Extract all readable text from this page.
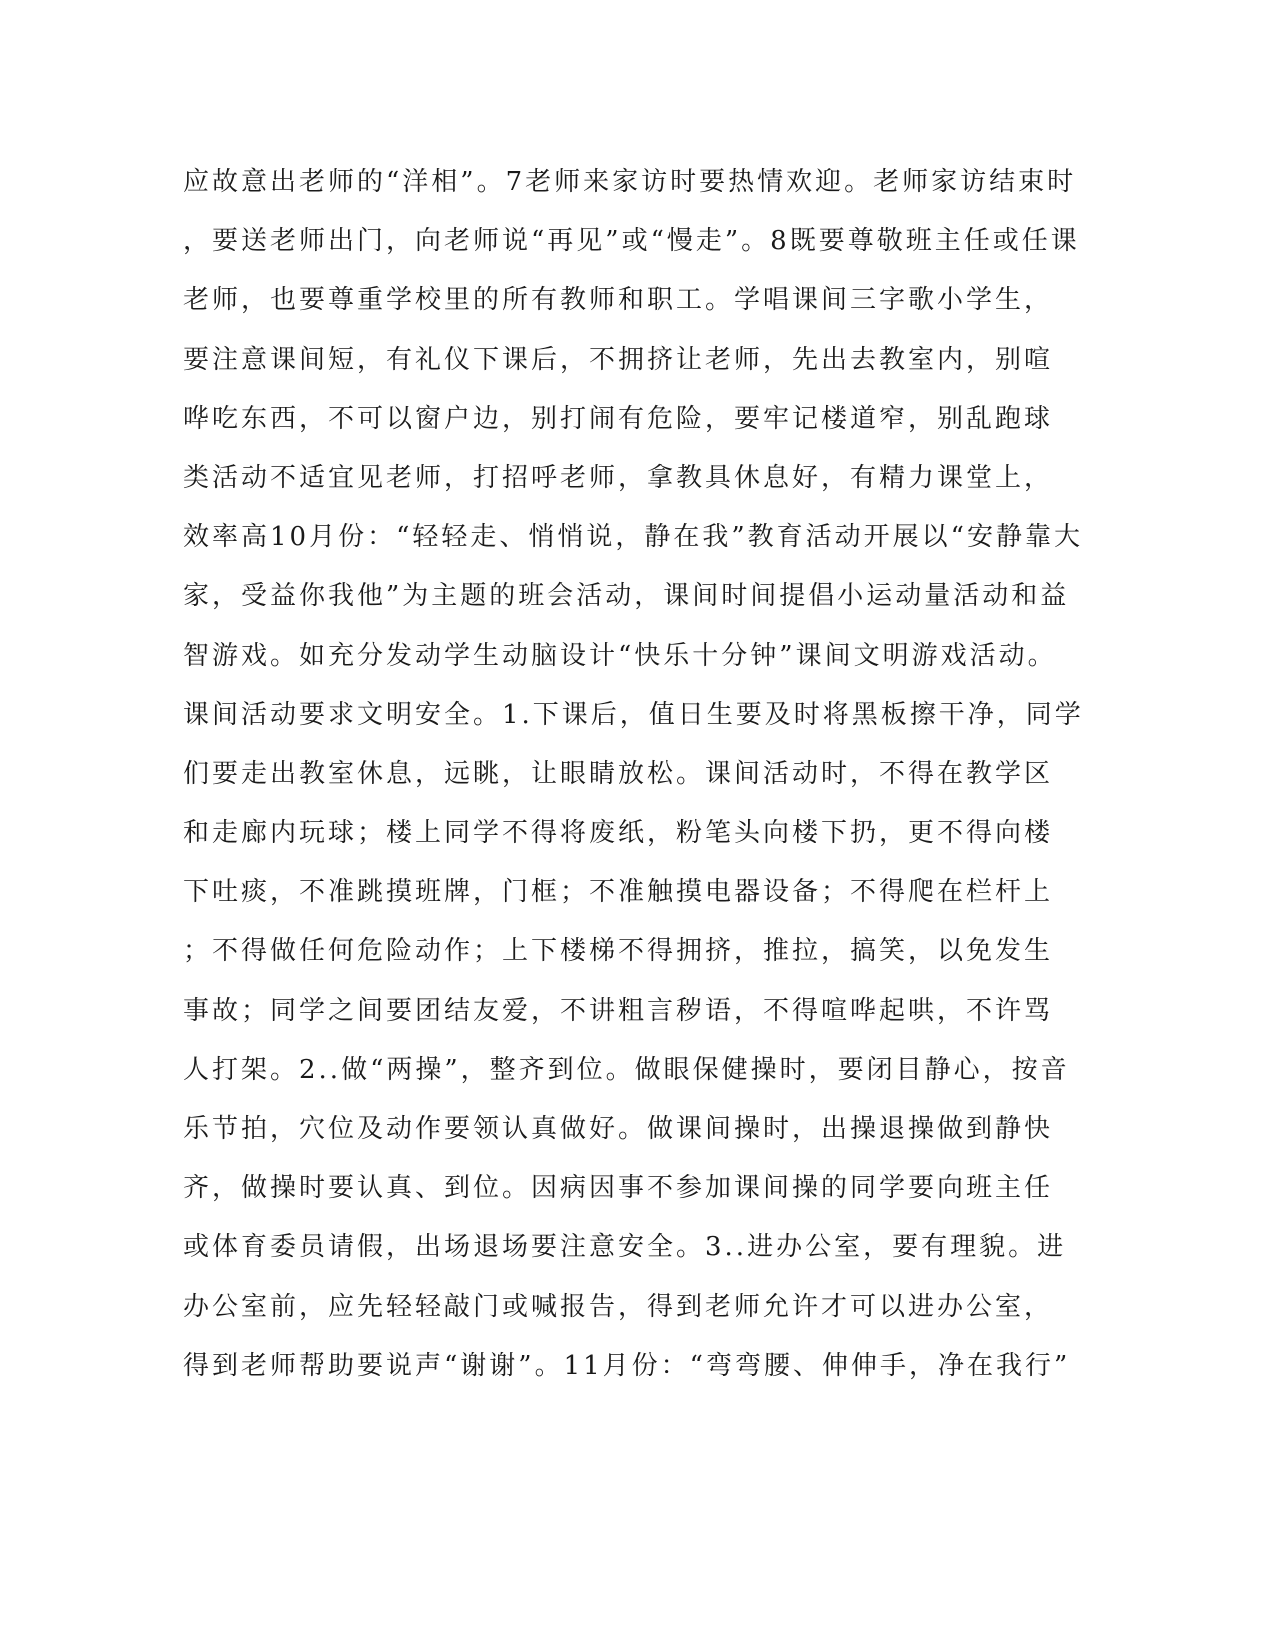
应故意出老师的“洋相”。7老师来家访时要热情欢迎。老师家访结束时
，要送老师出门，向老师说“再见”或“慢走”。8既要尊敬班主任或任课
老师，也要尊重学校里的所有教师和职工。学唱课间三字歌小学生，
要注意课间短，有礼仪下课后，不拥挤让老师，先出去教室内，别喧
哗吃东西，不可以窗户边，别打闹有危险，要牢记楼道窄，别乱跑球
类活动不适宜见老师，打招呼老师，拿教具休息好，有精力课堂上，
效率高10月份：“轻轻走、悄悄说，静在我”教育活动开展以“安静靠大
家，受益你我他”为主题的班会活动，课间时间提倡小运动量活动和益
智游戏。如充分发动学生动脑设计“快乐十分钟”课间文明游戏活动。
课间活动要求文明安全。1.下课后，值日生要及时将黑板擦干净，同学
们要走出教室休息，远眺，让眼睛放松。课间活动时，不得在教学区
和走廊内玩球；楼上同学不得将废纸，粉笔头向楼下扔，更不得向楼
下吐痰，不准跳摸班牌，门框；不准触摸电器设备；不得爬在栏杆上
；不得做任何危险动作；上下楼梯不得拥挤，推拉，搞笑，以免发生
事故；同学之间要团结友爱，不讲粗言秽语，不得喧哗起哄，不许骂
人打架。2..做“两操”，整齐到位。做眼保健操时，要闭目静心，按音
乐节拍，穴位及动作要领认真做好。做课间操时，出操退操做到静快
齐，做操时要认真、到位。因病因事不参加课间操的同学要向班主任
或体育委员请假，出场退场要注意安全。3..进办公室，要有理貌。进
办公室前，应先轻轻敲门或喊报告，得到老师允许才可以进办公室，
得到老师帮助要说声“谢谢”。11月份：“弯弯腰、伸伸手，净在我行”
